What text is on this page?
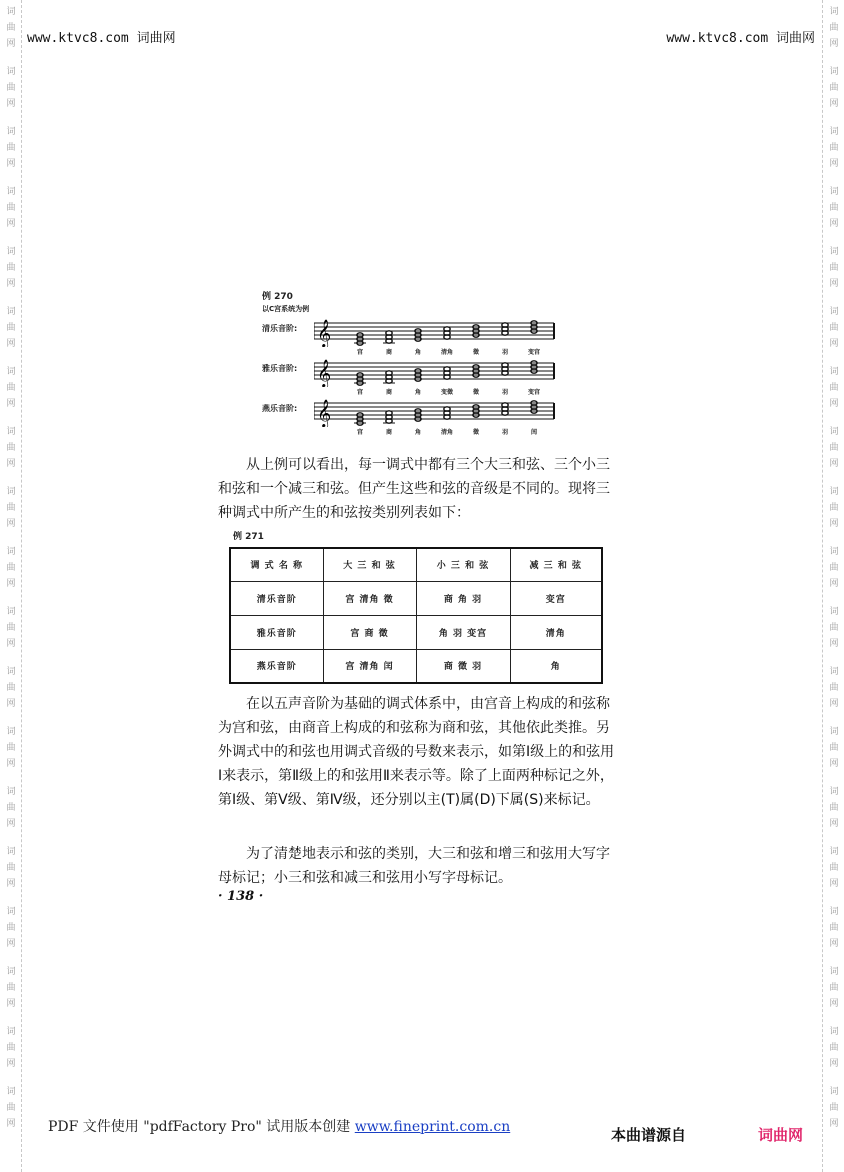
词
曲
网
词
曲
网
词
曲
网
词
曲
网
词
曲
网
词
曲
网
词
曲
网
词
曲
网
词
曲
网
词
曲
网
词
曲
网
词
曲
网
词
曲
网
词
曲
网
词
曲
网
词
曲
网
词
曲
网
词
曲
网
词
曲
网
词
曲
网
词
曲
网
词
曲
网
词
曲
网
词
曲
网
词
曲
网
词
曲
网
词
曲
网
词
曲
网
词
曲
网
词
曲
网
词
曲
网
词
曲
网
词
曲
网
词
曲
网
词
曲
网
词
曲
网
词
曲
网
词
曲
网
www.ktvc8.com 词曲网	www.ktvc8.com 词曲网
例 270
以C宫系统为例
清乐音阶: 𝄞
宫	商	角	清角	徵	羽	变宫
雅乐音阶: 𝄞
宫	商	角	变徵	徵	羽	变宫
燕乐音阶: 𝄞
宫	商	角	清角	徵	羽	闰

从上例可以看出，每一调式中都有三个大三和弦、三个小三和弦和一个减三和弦。但产生这些和弦的音级是不同的。现将三种调式中所产生的和弦按类别列表如下：

例 271
调 式 名 称	大 三 和 弦	小 三 和 弦	减 三 和 弦
清乐音阶	宫 清角 徵	商 角 羽	变宫
雅乐音阶	宫 商 徵	角 羽 变宫	清角
燕乐音阶	宫 清角 闰	商 徵 羽	角

在以五声音阶为基础的调式体系中，由宫音上构成的和弦称为宫和弦，由商音上构成的和弦称为商和弦，其他依此类推。另外调式中的和弦也用调式音级的号数来表示，如第Ⅰ级上的和弦用Ⅰ来表示，第Ⅱ级上的和弦用Ⅱ来表示等。除了上面两种标记之外，第Ⅰ级、第Ⅴ级、第Ⅳ级，还分别以主(T)属(D)下属(S)来标记。

为了清楚地表示和弦的类别，大三和弦和增三和弦用大写字母标记；小三和弦和减三和弦用小写字母标记。

· 138 ·
PDF 文件使用 "pdfFactory Pro" 试用版本创建 www.fineprint.com.cn	本曲谱源自	词曲网
